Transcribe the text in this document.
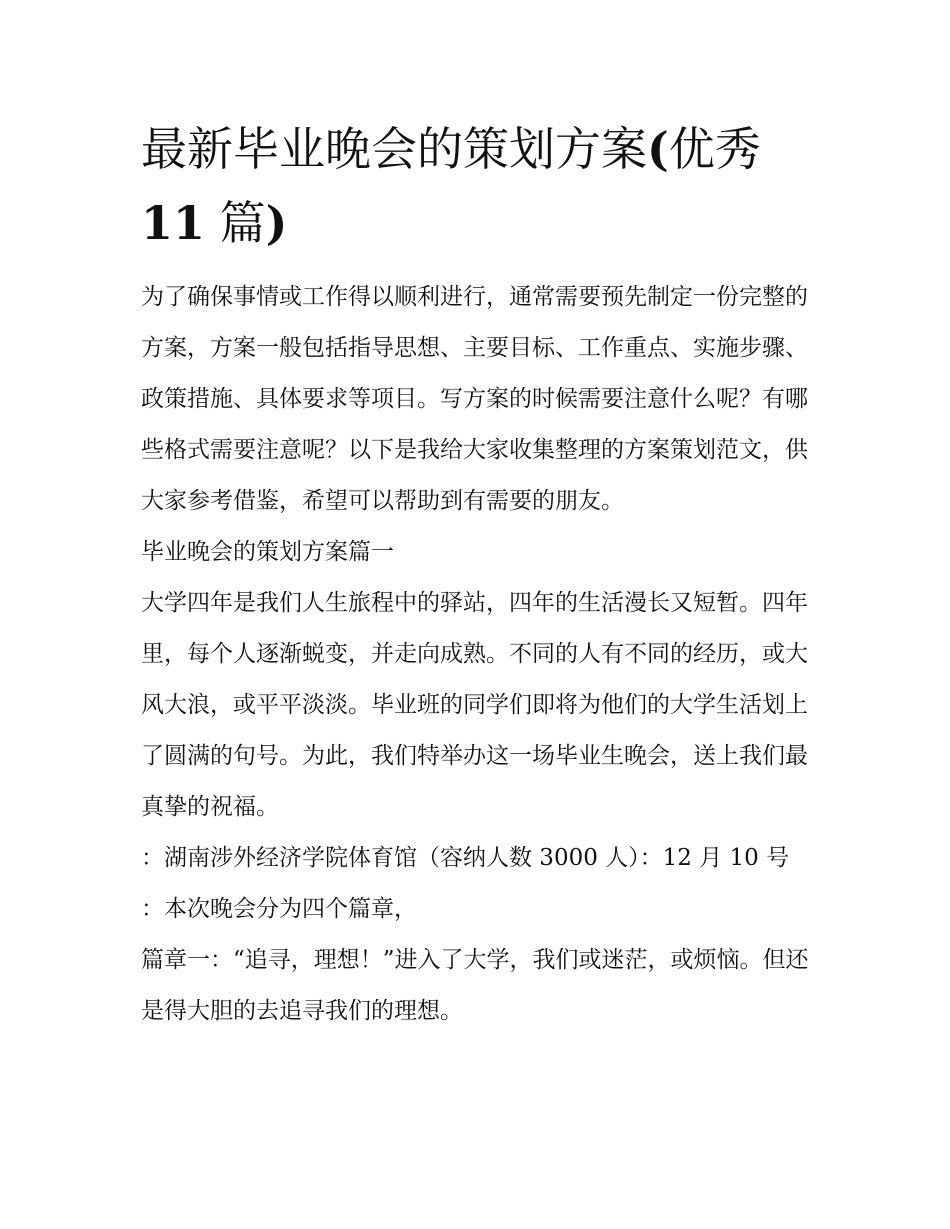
最新毕业晚会的策划方案(优秀11 篇)

为了确保事情或工作得以顺利进行，通常需要预先制定一份完整的方案，方案一般包括指导思想、主要目标、工作重点、实施步骤、政策措施、具体要求等项目。写方案的时候需要注意什么呢？有哪些格式需要注意呢？以下是我给大家收集整理的方案策划范文，供大家参考借鉴，希望可以帮助到有需要的朋友。

毕业晚会的策划方案篇一

大学四年是我们人生旅程中的驿站，四年的生活漫长又短暂。四年里，每个人逐渐蜕变，并走向成熟。不同的人有不同的经历，或大风大浪，或平平淡淡。毕业班的同学们即将为他们的大学生活划上了圆满的句号。为此，我们特举办这一场毕业生晚会，送上我们最真挚的祝福。

：湖南涉外经济学院体育馆（容纳人数 3000 人）：12 月 10 号

：本次晚会分为四个篇章，

篇章一：“追寻，理想！”进入了大学，我们或迷茫，或烦恼。但还是得大胆的去追寻我们的理想。
